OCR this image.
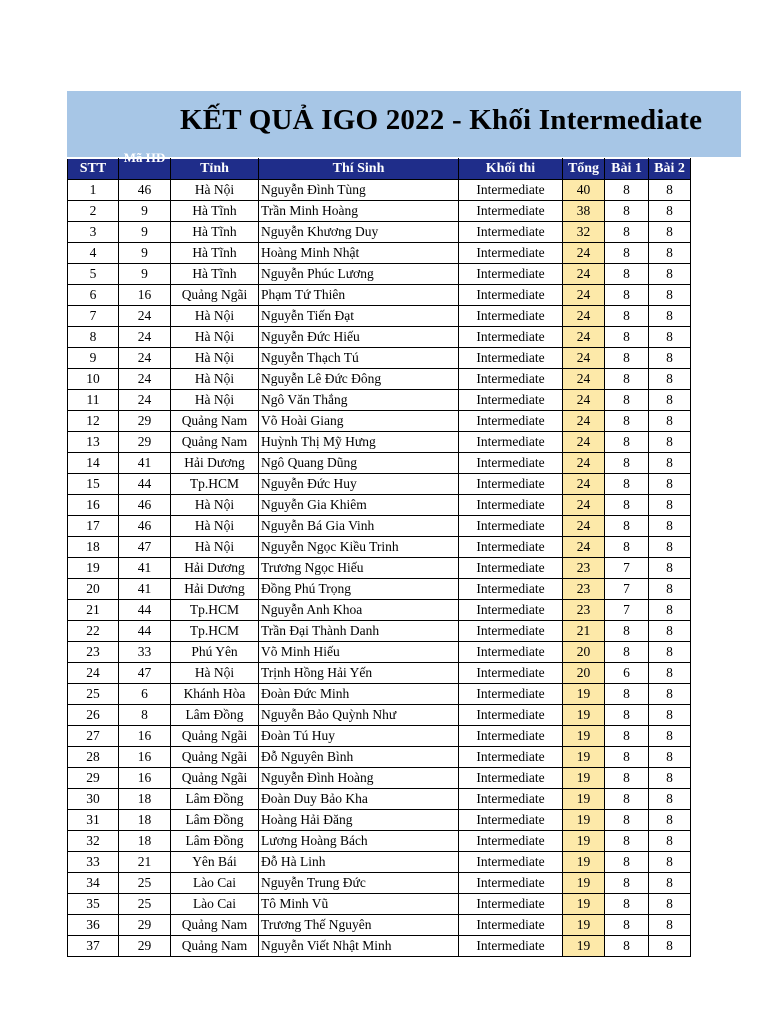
KẾT QUẢ IGO 2022 - Khối Intermediate
STT	Mã HĐ	Tỉnh	Thí Sinh	Khối thi	Tổng	Bài 1	Bài 2
1	46	Hà Nội	Nguyễn Đình Tùng	Intermediate	40	8	8
2	9	Hà Tĩnh	Trần Minh Hoàng	Intermediate	38	8	8
3	9	Hà Tĩnh	Nguyễn Khương Duy	Intermediate	32	8	8
4	9	Hà Tĩnh	Hoàng Minh Nhật	Intermediate	24	8	8
5	9	Hà Tĩnh	Nguyễn Phúc Lương	Intermediate	24	8	8
6	16	Quảng Ngãi	Phạm Tứ Thiên	Intermediate	24	8	8
7	24	Hà Nội	Nguyễn Tiến Đạt	Intermediate	24	8	8
8	24	Hà Nội	Nguyễn Đức Hiếu	Intermediate	24	8	8
9	24	Hà Nội	Nguyễn Thạch Tú	Intermediate	24	8	8
10	24	Hà Nội	Nguyễn Lê Đức Đông	Intermediate	24	8	8
11	24	Hà Nội	Ngô Văn Thắng	Intermediate	24	8	8
12	29	Quảng Nam	Võ Hoài Giang	Intermediate	24	8	8
13	29	Quảng Nam	Huỳnh Thị Mỹ Hưng	Intermediate	24	8	8
14	41	Hải Dương	Ngô Quang Dũng	Intermediate	24	8	8
15	44	Tp.HCM	Nguyễn Đức Huy	Intermediate	24	8	8
16	46	Hà Nội	Nguyễn Gia Khiêm	Intermediate	24	8	8
17	46	Hà Nội	Nguyễn Bá Gia Vinh	Intermediate	24	8	8
18	47	Hà Nội	Nguyễn Ngọc Kiều Trinh	Intermediate	24	8	8
19	41	Hải Dương	Trương Ngọc Hiếu	Intermediate	23	7	8
20	41	Hải Dương	Đồng Phú Trọng	Intermediate	23	7	8
21	44	Tp.HCM	Nguyễn Anh Khoa	Intermediate	23	7	8
22	44	Tp.HCM	Trần Đại Thành Danh	Intermediate	21	8	8
23	33	Phú Yên	Võ Minh Hiếu	Intermediate	20	8	8
24	47	Hà Nội	Trịnh Hồng Hải Yến	Intermediate	20	6	8
25	6	Khánh Hòa	Đoàn Đức Minh	Intermediate	19	8	8
26	8	Lâm Đồng	Nguyễn Bảo Quỳnh Như	Intermediate	19	8	8
27	16	Quảng Ngãi	Đoàn Tú Huy	Intermediate	19	8	8
28	16	Quảng Ngãi	Đỗ Nguyên Bình	Intermediate	19	8	8
29	16	Quảng Ngãi	Nguyễn Đình Hoàng	Intermediate	19	8	8
30	18	Lâm Đồng	Đoàn Duy Bảo Kha	Intermediate	19	8	8
31	18	Lâm Đồng	Hoàng Hải Đăng	Intermediate	19	8	8
32	18	Lâm Đồng	Lương Hoàng Bách	Intermediate	19	8	8
33	21	Yên Bái	Đỗ Hà Linh	Intermediate	19	8	8
34	25	Lào Cai	Nguyễn Trung Đức	Intermediate	19	8	8
35	25	Lào Cai	Tô Minh Vũ	Intermediate	19	8	8
36	29	Quảng Nam	Trương Thế Nguyên	Intermediate	19	8	8
37	29	Quảng Nam	Nguyễn Viết Nhật Minh	Intermediate	19	8	8
